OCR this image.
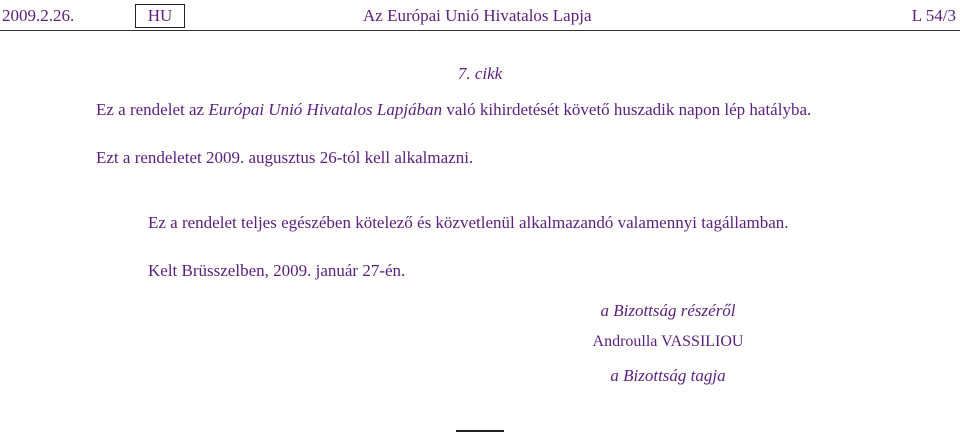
2009.2.26.	HU	Az Európai Unió Hivatalos Lapja	L 54/3
7. cikk
Ez a rendelet az Európai Unió Hivatalos Lapjában való kihirdetését követő huszadik napon lép hatályba.
Ezt a rendeletet 2009. augusztus 26-tól kell alkalmazni.
Ez a rendelet teljes egészében kötelező és közvetlenül alkalmazandó valamennyi tagállamban.
Kelt Brüsszelben, 2009. január 27-én.
a Bizottság részéről
Androulla VASSILIOU
a Bizottság tagja
